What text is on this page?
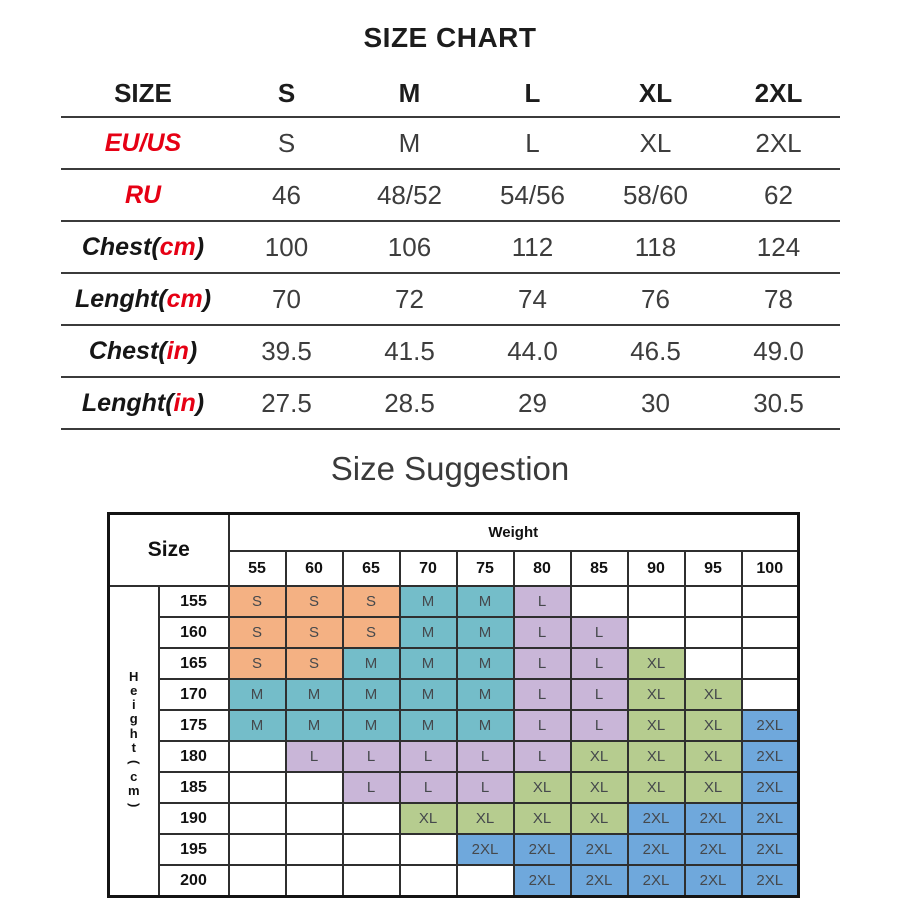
SIZE CHART
SIZE	S	M	L	XL	2XL
EU/US	S	M	L	XL	2XL
RU	46	48/52	54/56	58/60	62
Chest(cm)	100	106	112	118	124
Lenght(cm)	70	72	74	76	78
Chest(in)	39.5	41.5	44.0	46.5	49.0
Lenght(in)	27.5	28.5	29	30	30.5
Size Suggestion
Size		Weight									
		55	60	65	70	75	80	85	90	95	100

H
e
i
g
h
t
(
c
m
)
	155	S	S	S	M	M	L				
	160	S	S	S	M	M	L	L			
	165	S	S	M	M	M	L	L	XL		
	170	M	M	M	M	M	L	L	XL	XL	
	175	M	M	M	M	M	L	L	XL	XL	2XL
	180		L	L	L	L	L	XL	XL	XL	2XL
	185			L	L	L	XL	XL	XL	XL	2XL
	190				XL	XL	XL	XL	2XL	2XL	2XL
	195					2XL	2XL	2XL	2XL	2XL	2XL
	200						2XL	2XL	2XL	2XL	2XL
